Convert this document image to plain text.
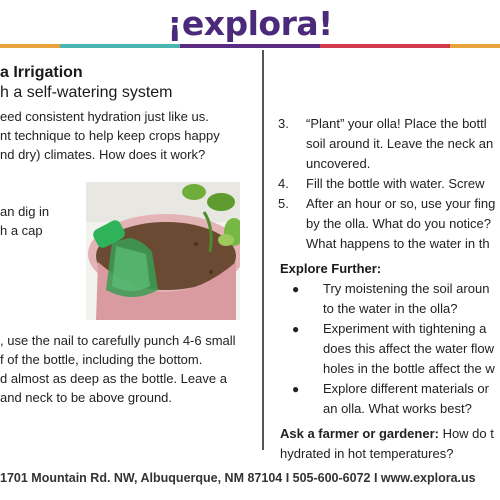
¡explora!
a Irrigation
h a self-watering system
eed consistent hydration just like us.
nt technique to help keep crops happy
nd dry) climates. How does it work?
an dig in
h a cap
, use the nail to carefully punch 4-6 small
f of the bottle, including the bottom.
d almost as deep as the bottle. Leave a
and neck to be above ground.
3. “Plant” your olla! Place the bottl
soil around it. Leave the neck an
uncovered.
4. Fill the bottle with water. Screw
5. After an hour or so, use your fing
by the olla. What do you notice?
What happens to the water in th
Explore Further:
● Try moistening the soil aroun
to the water in the olla?
● Experiment with tightening a
does this affect the water flow
holes in the bottle affect the w
● Explore different materials or
an olla. What works best?
Ask a farmer or gardener: How do t
hydrated in hot temperatures?
1701 Mountain Rd. NW, Albuquerque, NM 87104 I 505-600-6072 I www.explora.us
